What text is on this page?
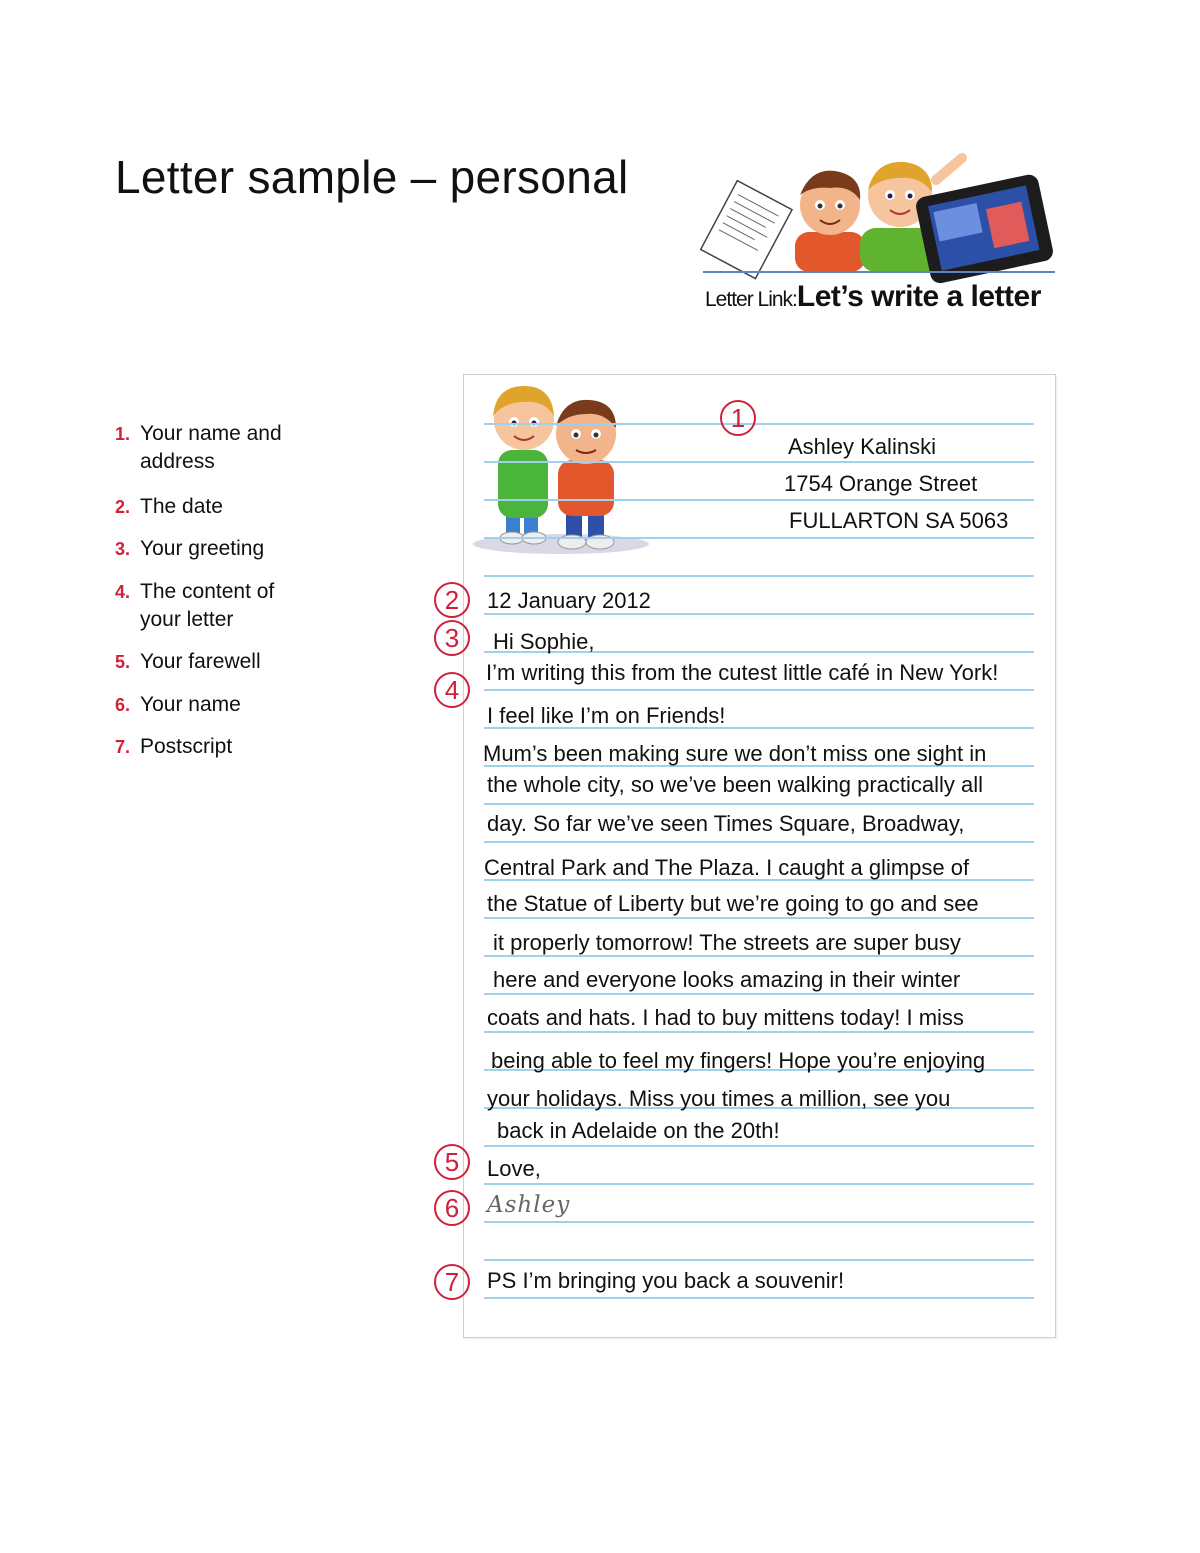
Letter sample – personal
Letter Link:Let’s write a letter
1. Your name and
address
2. The date
3. Your greeting
4. The content of
your letter
5. Your farewell
6. Your name
7. Postscript
1
2
3
4
5
6
7
Ashley Kalinski
1754 Orange Street
FULLARTON SA 5063
12 January 2012
Hi Sophie,
I’m writing this from the cutest little café in New York!
I feel like I’m on Friends!
Mum’s been making sure we don’t miss one sight in
the whole city, so we’ve been walking practically all
day. So far we’ve seen Times Square, Broadway,
Central Park and The Plaza. I caught a glimpse of
the Statue of Liberty but we’re going to go and see
it properly tomorrow! The streets are super busy
here and everyone looks amazing in their winter
coats and hats. I had to buy mittens today! I miss
being able to feel my fingers! Hope you’re enjoying
your holidays. Miss you times a million, see you
back in Adelaide on the 20th!
Love,
Ashley
PS I’m bringing you back a souvenir!
